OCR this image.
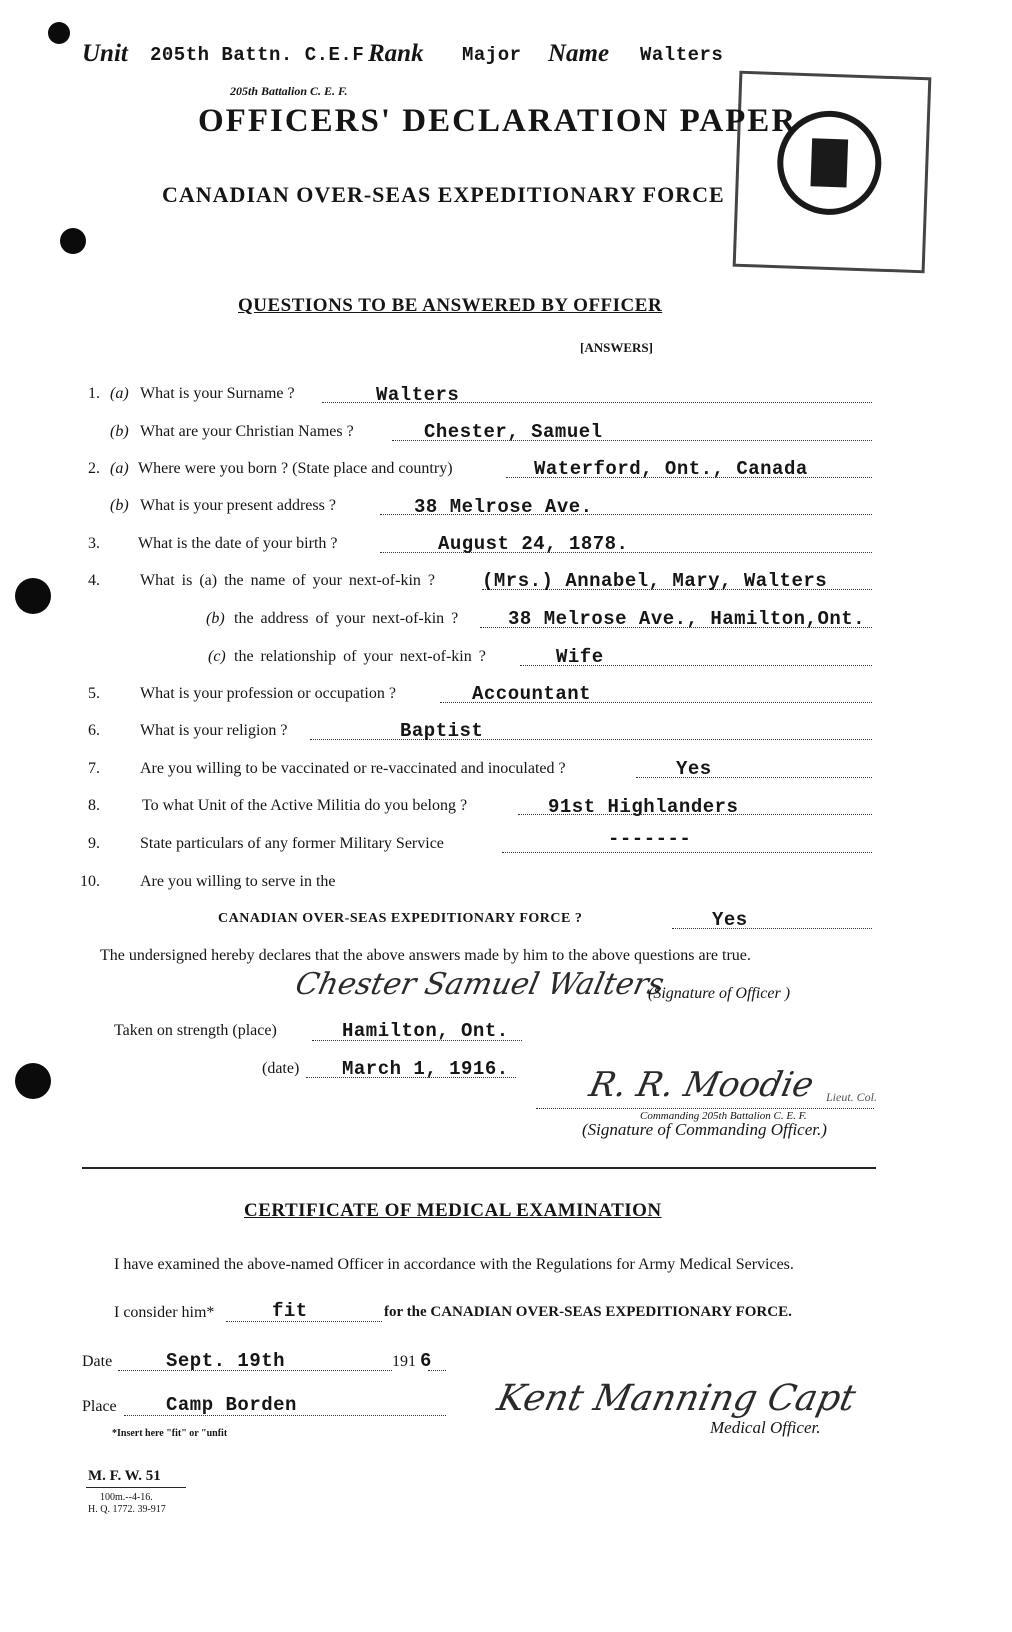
Unit 205th Battn. C.E.F Rank Major Name Walters
205th Battalion C. E. F.
OFFICERS' DECLARATION PAPER
CANADIAN OVER-SEAS EXPEDITIONARY FORCE
QUESTIONS TO BE ANSWERED BY OFFICER
[ANSWERS]
1. (a) What is your Surname ?	Walters
(b) What are your Christian Names ?	Chester, Samuel
2. (a) Where were you born ? (State place and country)	Waterford, Ont., Canada
(b) What is your present address ?	38 Melrose Ave.
3. What is the date of your birth ?	August 24, 1878.
4.	What is (a) the name of your next-of-kin ? (Mrs.) Annabel, Mary, Walters
(b) the address of your next-of-kin ?	38 Melrose Ave., Hamilton,Ont.
(c) the relationship of your next-of-kin ?	Wife
5.	What is your profession or occupation ?	Accountant
6.	What is your religion ?	Baptist
7.	Are you willing to be vaccinated or re-vaccinated and inoculated ?	Yes
8.	To what Unit of the Active Militia do you belong ?	91st Highlanders
9.	State particulars of any former Military Service	-------
10.	Are you willing to serve in the
CANADIAN OVER-SEAS EXPEDITIONARY FORCE ?	Yes
The undersigned hereby declares that the above answers made by him to the above questions are true.
Chester Samuel Walters
(Signature of Officer )
Taken on strength (place)	Hamilton, Ont.
(date) March 1, 1916. R. R. Moodie Lieut. Col.
Commanding 205th Battalion C. E. F.
(Signature of Commanding Officer.)
CERTIFICATE OF MEDICAL EXAMINATION
I have examined the above-named Officer in accordance with the Regulations for Army Medical Services.
I consider him*	fit	for the CANADIAN OVER-SEAS EXPEDITIONARY FORCE.
Date	Sept. 19th	191 6
Place	Camp Borden
*Insert here "fit" or "unfit
Kent Manning Capt
Medical Officer.
M. F. W. 51
100m.--4-16.
H. Q. 1772. 39-917
